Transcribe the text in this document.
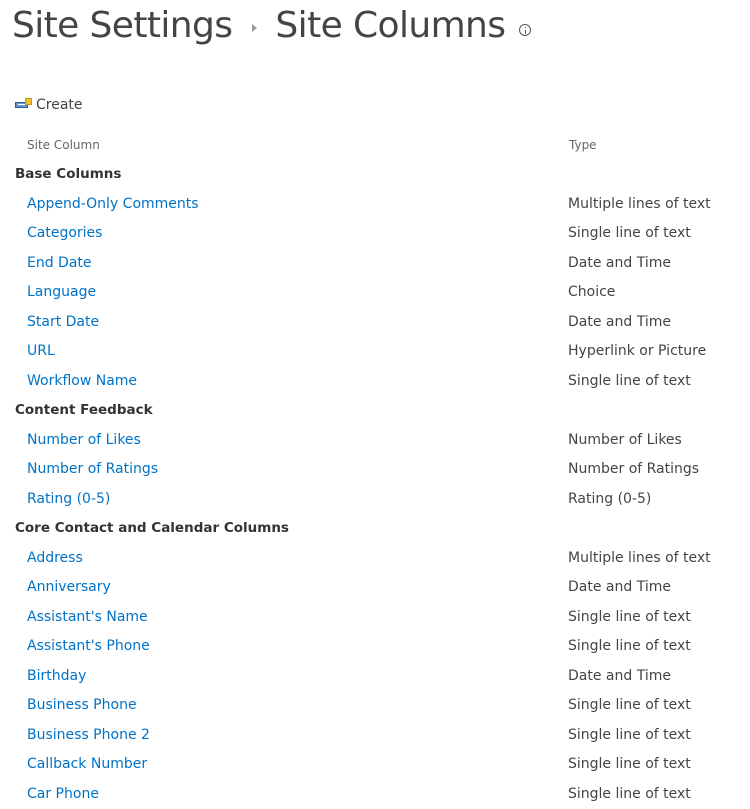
Site Settings Site Columns
Create
Site Column	Type
Base Columns
Append-Only Comments	Multiple lines of text
Categories	Single line of text
End Date	Date and Time
Language	Choice
Start Date	Date and Time
URL	Hyperlink or Picture
Workflow Name	Single line of text
Content Feedback
Number of Likes	Number of Likes
Number of Ratings	Number of Ratings
Rating (0-5)	Rating (0-5)
Core Contact and Calendar Columns
Address	Multiple lines of text
Anniversary	Date and Time
Assistant's Name	Single line of text
Assistant's Phone	Single line of text
Birthday	Date and Time
Business Phone	Single line of text
Business Phone 2	Single line of text
Callback Number	Single line of text
Car Phone	Single line of text
